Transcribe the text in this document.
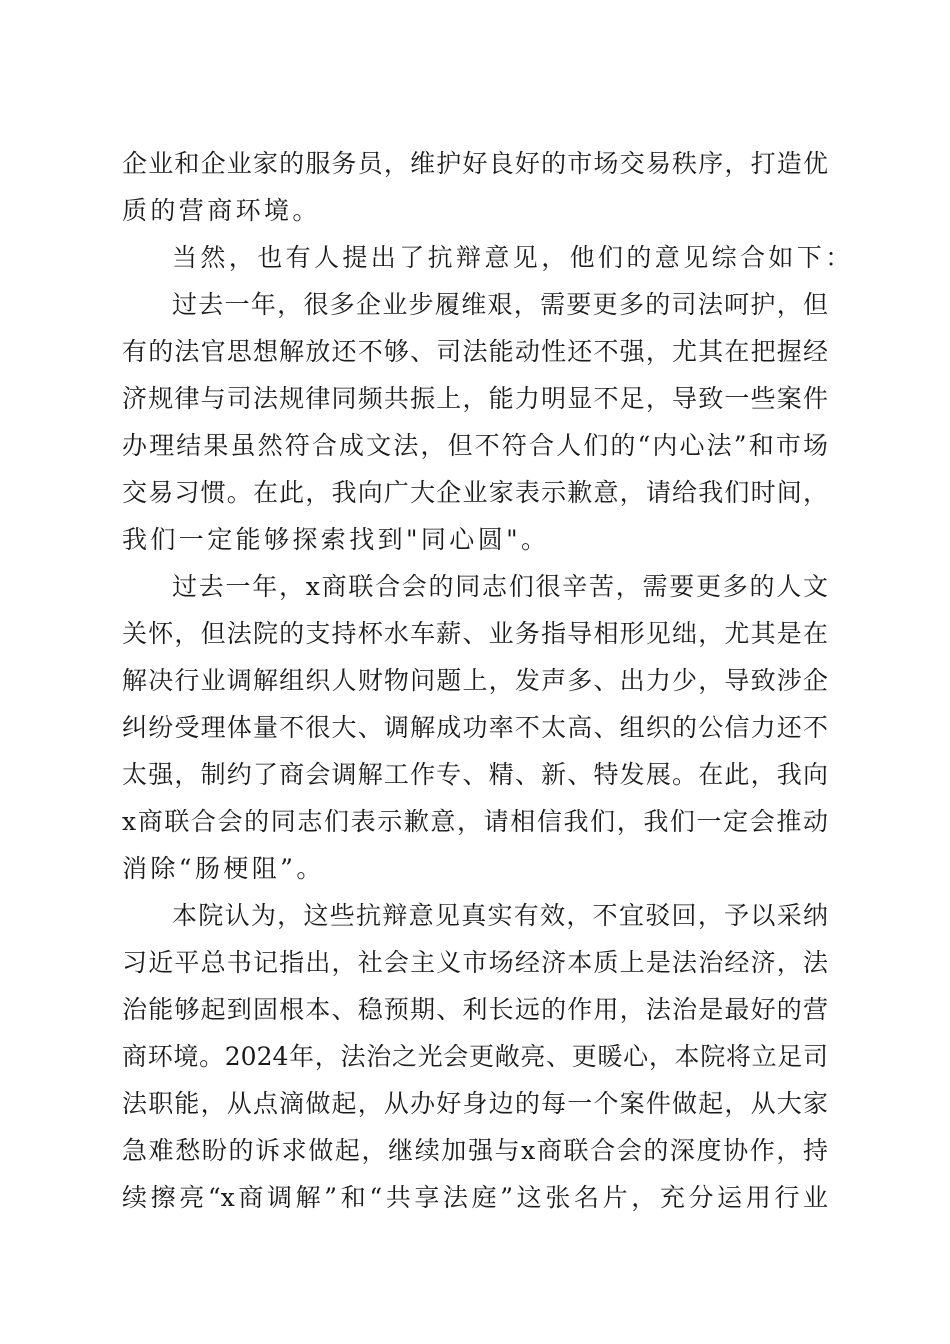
企业和企业家的服务员，维护好良好的市场交易秩序，打造优
质的营商环境。
当然，也有人提出了抗辩意见，他们的意见综合如下：
过去一年，很多企业步履维艰，需要更多的司法呵护，但
有的法官思想解放还不够、司法能动性还不强，尤其在把握经
济规律与司法规律同频共振上，能力明显不足，导致一些案件
办理结果虽然符合成文法，但不符合人们的“内心法”和市场
交易习惯。在此，我向广大企业家表示歉意，请给我们时间，
我们一定能够探索找到"同心圆"。
过去一年，x商联合会的同志们很辛苦，需要更多的人文
关怀，但法院的支持杯水车薪、业务指导相形见绌，尤其是在
解决行业调解组织人财物问题上，发声多、出力少，导致涉企
纠纷受理体量不很大、调解成功率不太高、组织的公信力还不
太强，制约了商会调解工作专、精、新、特发展。在此，我向
x商联合会的同志们表示歉意，请相信我们，我们一定会推动
消除“肠梗阻”。
本院认为，这些抗辩意见真实有效，不宜驳回，予以采纳
习近平总书记指出，社会主义市场经济本质上是法治经济，法
治能够起到固根本、稳预期、利长远的作用，法治是最好的营
商环境。2024年，法治之光会更敞亮、更暖心，本院将立足司
法职能，从点滴做起，从办好身边的每一个案件做起，从大家
急难愁盼的诉求做起，继续加强与x商联合会的深度协作，持
续擦亮“x商调解”和“共享法庭”这张名片，充分运用行业
